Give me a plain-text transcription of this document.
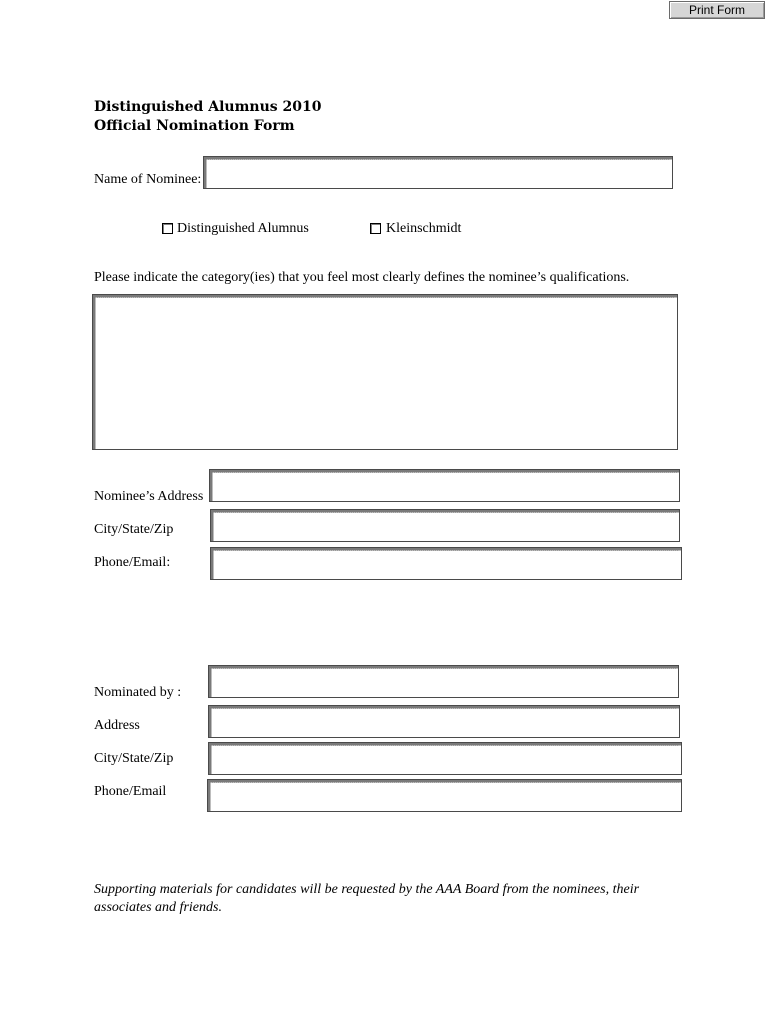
Print Form
Distinguished Alumnus 2010
Official Nomination Form
Name of Nominee:
Distinguished Alumnus	Kleinschmidt
Please indicate the category(ies) that you feel most clearly defines the nominee’s qualifications.
Nominee’s Address
City/State/Zip
Phone/Email:
Nominated by :
Address
City/State/Zip
Phone/Email
Supporting materials for candidates will be requested by the AAA Board from the nominees, their associates and friends.
